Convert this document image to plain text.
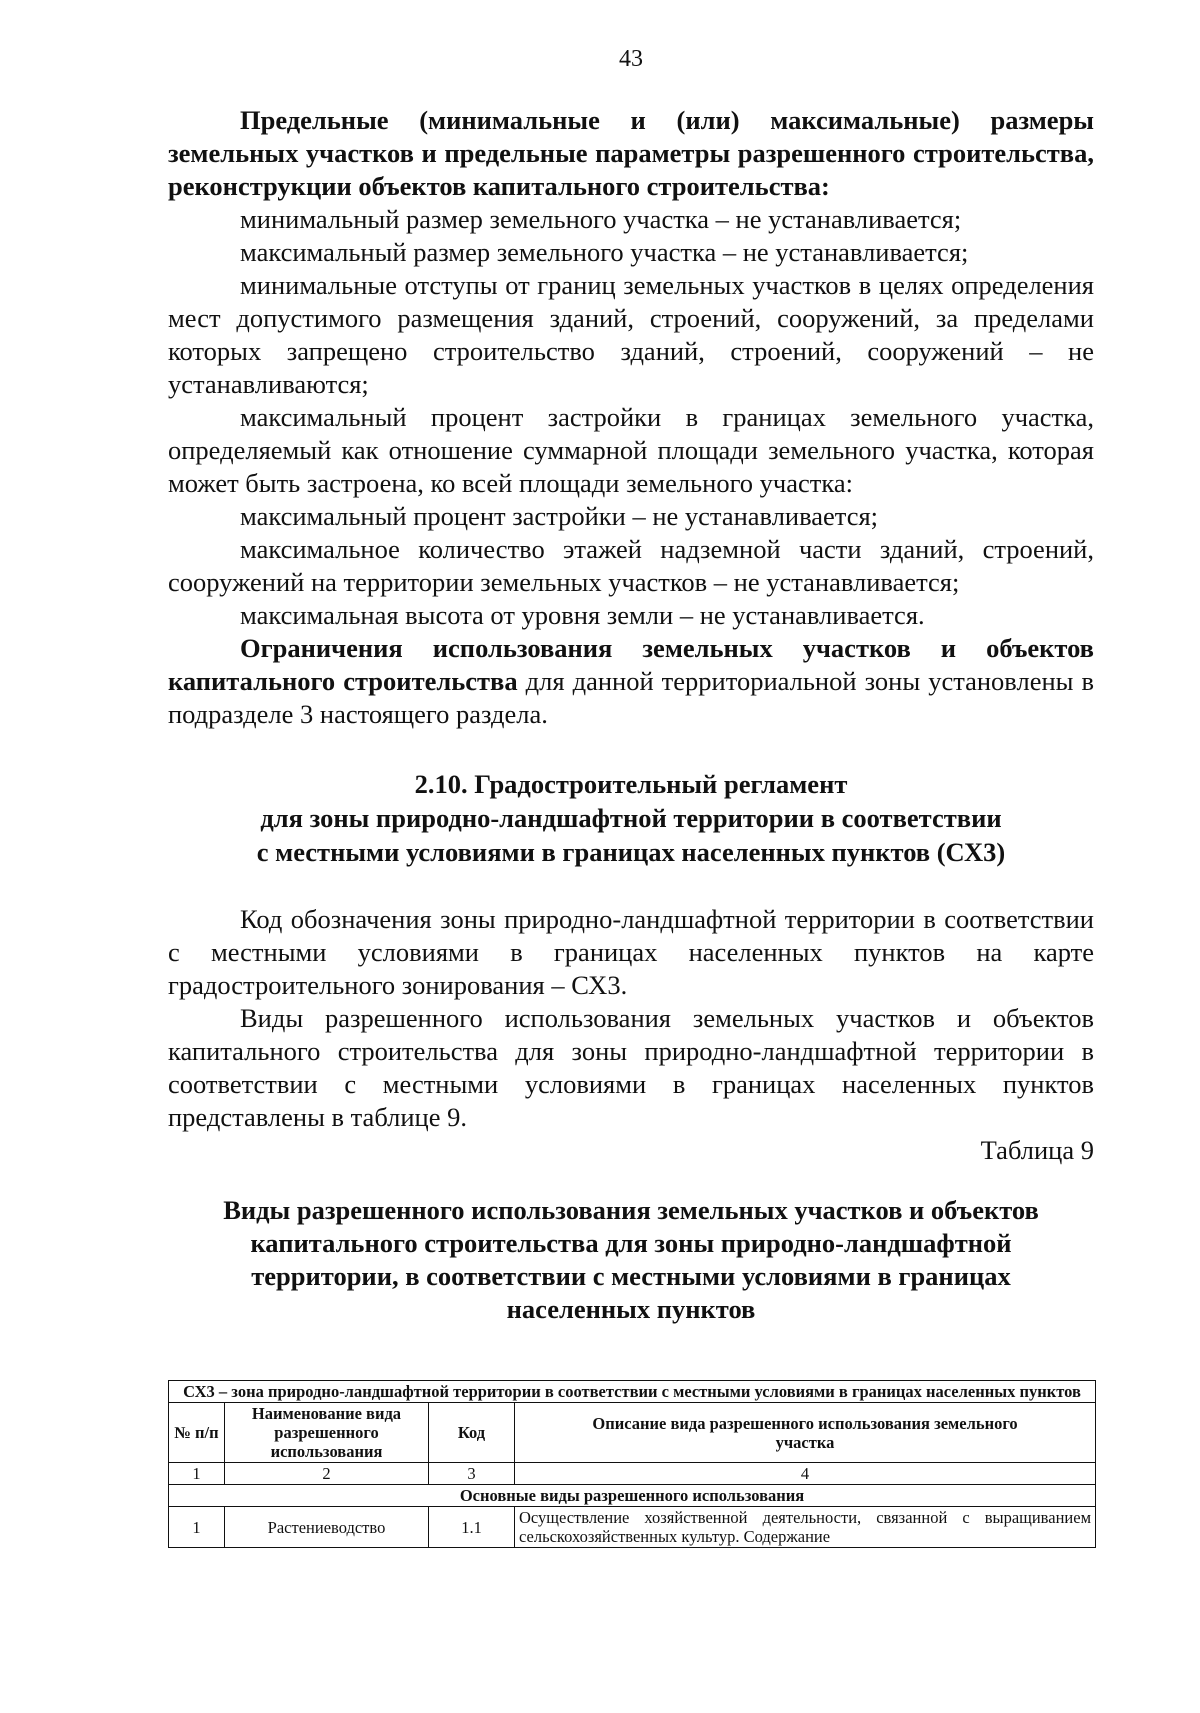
43

Предельные (минимальные и (или) максимальные) размеры земельных участков и предельные параметры разрешенного строительства, реконструкции объектов капитального строительства:

минимальный размер земельного участка – не устанавливается;

максимальный размер земельного участка – не устанавливается;

минимальные отступы от границ земельных участков в целях определения мест допустимого размещения зданий, строений, сооружений, за пределами которых запрещено строительство зданий, строений, сооружений – не устанавливаются;

максимальный процент застройки в границах земельного участка, определяемый как отношение суммарной площади земельного участка, которая может быть застроена, ко всей площади земельного участка:

максимальный процент застройки – не устанавливается;

максимальное количество этажей надземной части зданий, строений, сооружений на территории земельных участков – не устанавливается;

максимальная высота от уровня земли – не устанавливается.

Ограничения использования земельных участков и объектов капитального строительства для данной территориальной зоны установлены в подразделе 3 настоящего раздела.

2.10. Градостроительный регламент

для зоны природно-ландшафтной территории в соответствии

с местными условиями в границах населенных пунктов (СХ3)

Код обозначения зоны природно-ландшафтной территории в соответствии с местными условиями в границах населенных пунктов на карте градостроительного зонирования – СХ3.

Виды разрешенного использования земельных участков и объектов капитального строительства для зоны природно-ландшафтной территории в соответствии с местными условиями в границах населенных пунктов представлены в таблице 9.

Таблица 9

Виды разрешенного использования земельных участков и объектов

капитального строительства для зоны природно-ландшафтной

территории, в соответствии с местными условиями в границах

населенных пунктов

СХ3 – зона природно-ландшафтной территории в соответствии с местными условиями в границах населенных пунктов			
№ п/п	Наименование вида разрешенного использования	Код	Описание вида разрешенного использования земельного участка
1	2	3	4
Основные виды разрешенного использования			
1	Растениеводство	1.1	Осуществление хозяйственной деятельности, связанной с выращиванием сельскохозяйственных культур. Содержание
